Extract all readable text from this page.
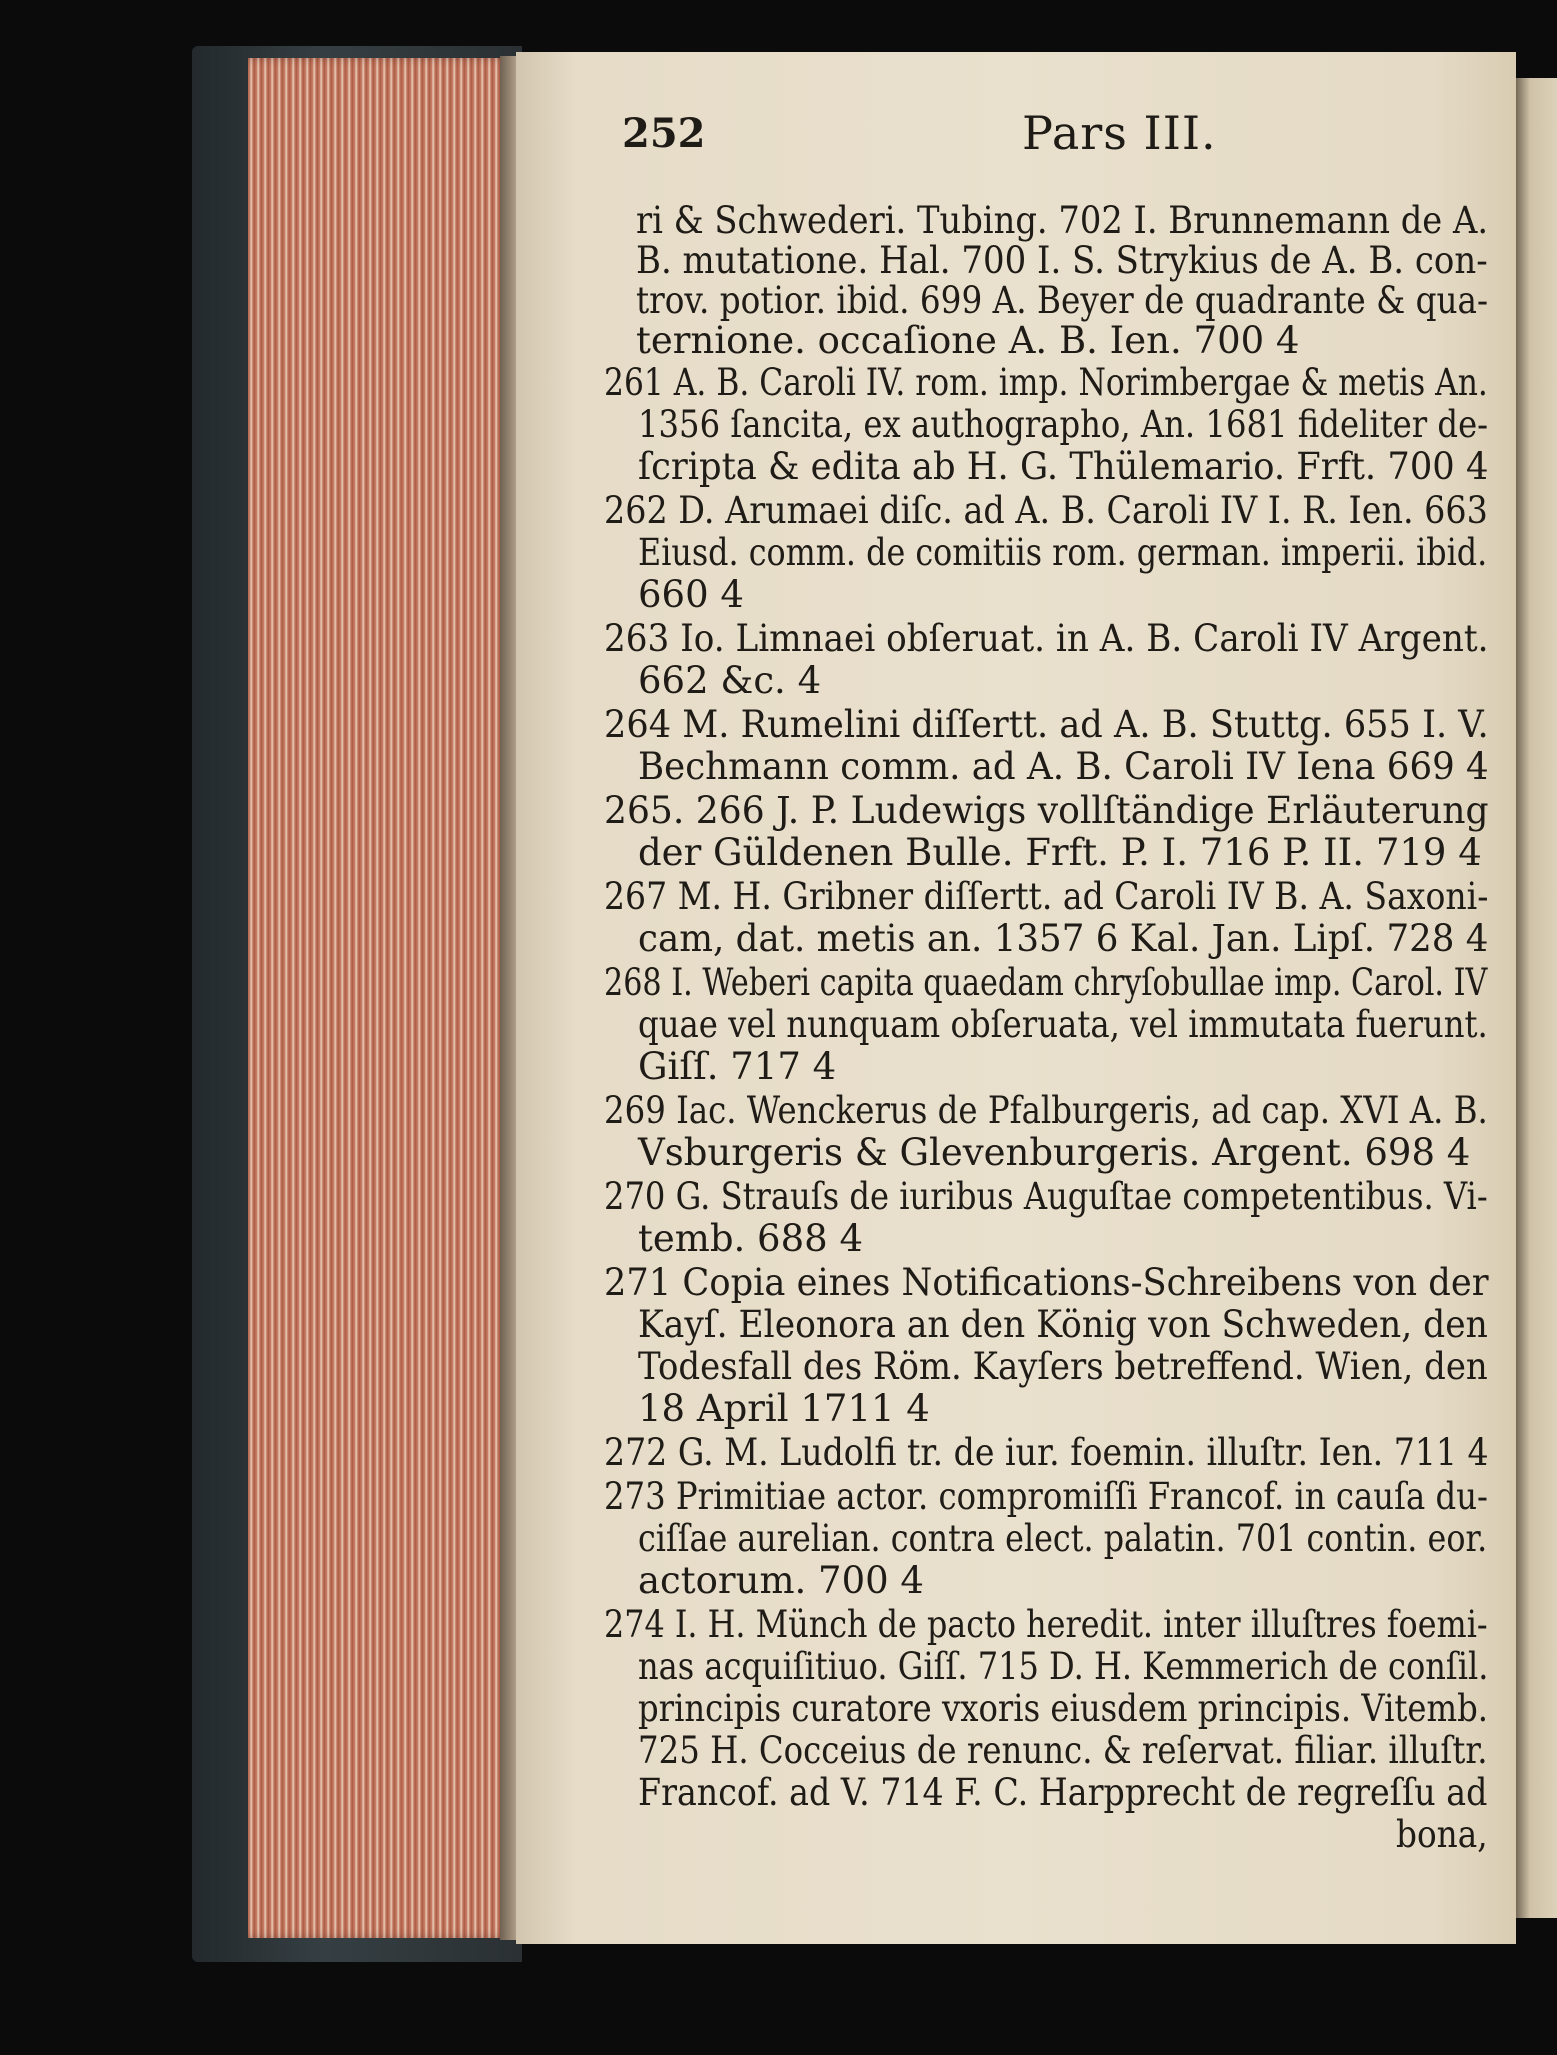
252	Pars III.
ri & Schwederi. Tubing. 702 I. Brunnemann de A.
B. mutatione. Hal. 700 I. S. Strykius de A. B. con-
trov. potior. ibid. 699 A. Beyer de quadrante & qua-
ternione. occaſione A. B. Ien. 700 4
261 A. B. Caroli IV. rom. imp. Norimbergae & metis An.
1356 ſancita, ex authographo, An. 1681 fideliter de-
ſcripta & edita ab H. G. Thülemario. Frft. 700 4
262 D. Arumaei diſc. ad A. B. Caroli IV I. R. Ien. 663
Eiusd. comm. de comitiis rom. german. imperii. ibid.
660 4
263 Io. Limnaei obſeruat. in A. B. Caroli IV Argent.
662 &c. 4
264 M. Rumelini diſſertt. ad A. B. Stuttg. 655 I. V.
Bechmann comm. ad A. B. Caroli IV Iena 669 4
265. 266 J. P. Ludewigs vollſtändige Erläuterung
der Güldenen Bulle. Frft. P. I. 716 P. II. 719 4
267 M. H. Gribner diſſertt. ad Caroli IV B. A. Saxoni-
cam, dat. metis an. 1357 6 Kal. Jan. Lipſ. 728 4
268 I. Weberi capita quaedam chryſobullae imp. Carol. IV
quae vel nunquam obſeruata, vel immutata fuerunt.
Giſſ. 717 4
269 Iac. Wenckerus de Pfalburgeris, ad cap. XVI A. B.
Vsburgeris & Glevenburgeris. Argent. 698 4
270 G. Strauſs de iuribus Auguſtae competentibus. Vi-
temb. 688 4
271 Copia eines Notifications-Schreibens von der
Kayſ. Eleonora an den König von Schweden, den
Todesfall des Röm. Kayſers betreffend. Wien, den
18 April 1711 4
272 G. M. Ludolfi tr. de iur. foemin. illuſtr. Ien. 711 4
273 Primitiae actor. compromiſſi Francof. in cauſa du-
ciſſae aurelian. contra elect. palatin. 701 contin. eor.
actorum. 700 4
274 I. H. Münch de pacto heredit. inter illuſtres foemi-
nas acquiſitiuo. Giſſ. 715 D. H. Kemmerich de conſil.
principis curatore vxoris eiusdem principis. Vitemb.
725 H. Cocceius de renunc. & reſervat. filiar. illuſtr.
Francof. ad V. 714 F. C. Harpprecht de regreſſu ad
bona,
